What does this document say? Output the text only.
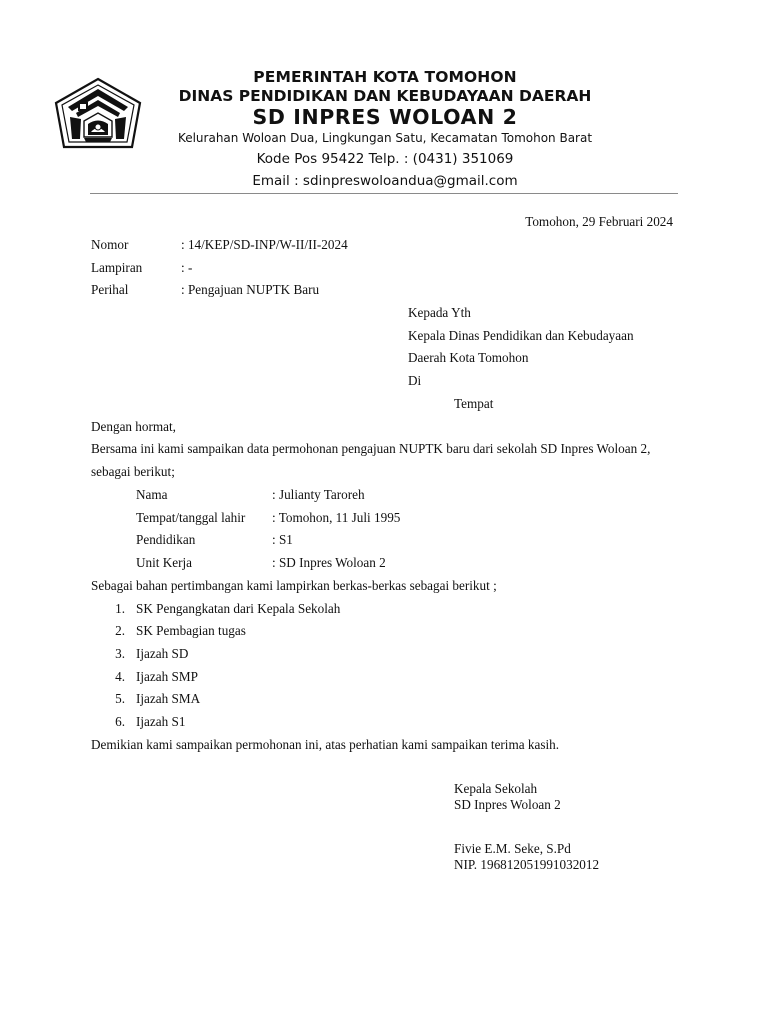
PEMERINTAH KOTA TOMOHON
DINAS PENDIDIKAN DAN KEBUDAYAAN DAERAH
SD INPRES WOLOAN 2
Kelurahan Woloan Dua, Lingkungan Satu, Kecamatan Tomohon Barat
Kode Pos 95422 Telp. : (0431) 351069
Email : sdinpreswoloandua@gmail.com
Tomohon, 29 Februari 2024
Nomor	: 14/KEP/SD-INP/W-II/II-2024
Lampiran	: -
Perihal	: Pengajuan NUPTK Baru
Kepada Yth
Kepala Dinas Pendidikan dan Kebudayaan
Daerah Kota Tomohon
Di
Tempat
Dengan hormat,
Bersama ini kami sampaikan data permohonan pengajuan NUPTK baru dari sekolah SD Inpres Woloan 2, sebagai berikut;
Nama	: Julianty Taroreh
Tempat/tanggal lahir : Tomohon, 11 Juli 1995
Pendidikan	: S1
Unit Kerja	: SD Inpres Woloan 2
Sebagai bahan pertimbangan kami lampirkan berkas-berkas sebagai berikut ;
1. SK Pengangkatan dari Kepala Sekolah
2. SK Pembagian tugas
3. Ijazah SD
4. Ijazah SMP
5. Ijazah SMA
6. Ijazah S1
Demikian kami sampaikan permohonan ini, atas perhatian kami sampaikan terima kasih.
Kepala Sekolah
SD Inpres Woloan 2
Fivie E.M. Seke, S.Pd
NIP. 196812051991032012
